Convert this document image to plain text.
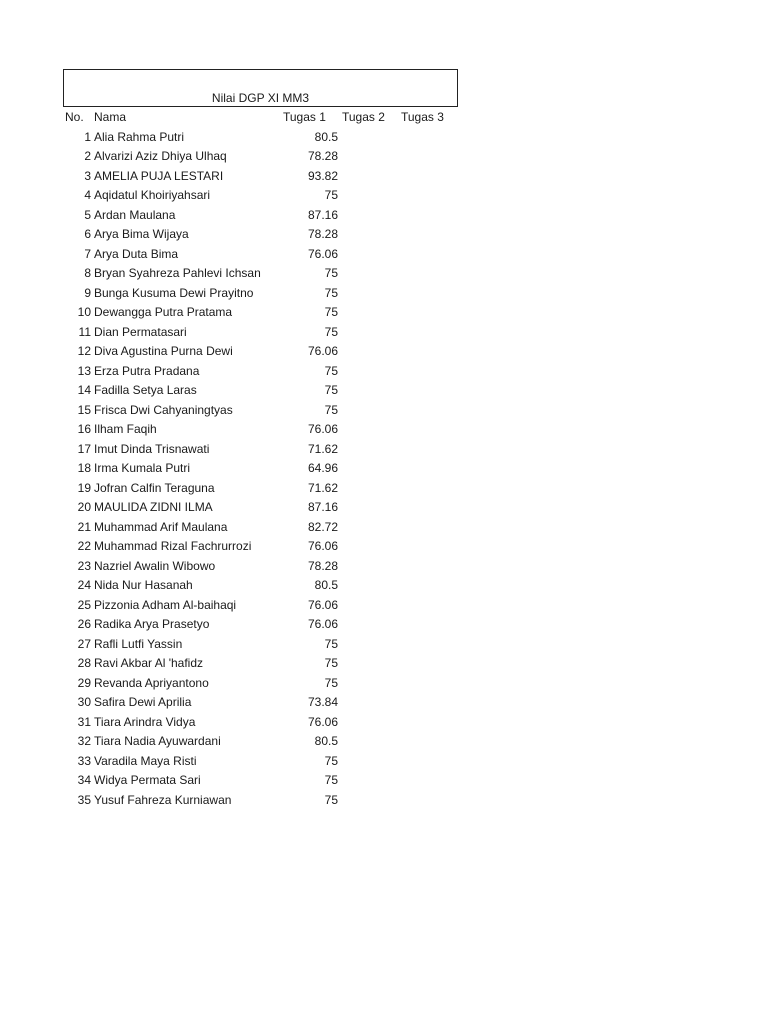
Nilai DGP XI MM3
No. Nama	Tugas 1 Tugas 2 Tugas 3
1 Alia Rahma Putri	80.5
2 Alvarizi Aziz Dhiya Ulhaq	78.28
3 AMELIA PUJA LESTARI	93.82
4 Aqidatul Khoiriyahsari	75
5 Ardan Maulana	87.16
6 Arya Bima Wijaya	78.28
7 Arya Duta Bima	76.06
8 Bryan Syahreza Pahlevi Ichsan	75
9 Bunga Kusuma Dewi Prayitno	75
10 Dewangga Putra Pratama	75
11 Dian Permatasari	75
12 Diva Agustina Purna Dewi	76.06
13 Erza Putra Pradana	75
14 Fadilla Setya Laras	75
15 Frisca Dwi Cahyaningtyas	75
16 Ilham Faqih	76.06
17 Imut Dinda Trisnawati	71.62
18 Irma Kumala Putri	64.96
19 Jofran Calfin Teraguna	71.62
20 MAULIDA ZIDNI ILMA	87.16
21 Muhammad Arif Maulana	82.72
22 Muhammad Rizal Fachrurrozi	76.06
23 Nazriel Awalin Wibowo	78.28
24 Nida Nur Hasanah	80.5
25 Pizzonia Adham Al-baihaqi	76.06
26 Radika Arya Prasetyo	76.06
27 Rafli Lutfi Yassin	75
28 Ravi Akbar Al 'hafidz	75
29 Revanda Apriyantono	75
30 Safira Dewi Aprilia	73.84
31 Tiara Arindra Vidya	76.06
32 Tiara Nadia Ayuwardani	80.5
33 Varadila Maya Risti	75
34 Widya Permata Sari	75
35 Yusuf Fahreza Kurniawan	75
